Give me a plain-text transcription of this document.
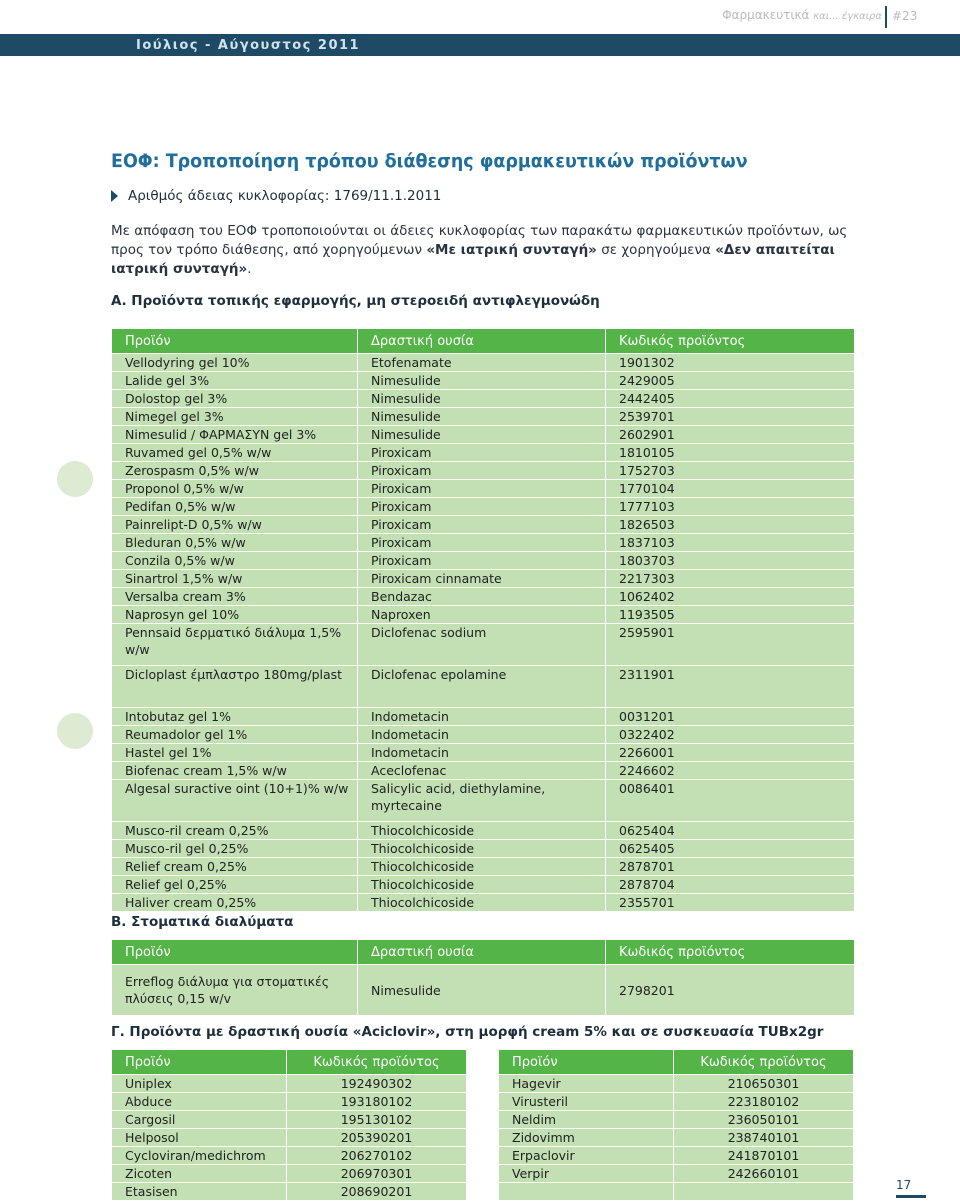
Φαρμακευτικά και... έγκαιρα #23
Ιούλιος - Αύγουστος 2011
ΕΟΦ: Τροποποίηση τρόπου διάθεσης φαρμακευτικών προϊόντων
Αριθμός άδειας κυκλοφορίας: 1769/11.1.2011
Με απόφαση του ΕΟΦ τροποποιούνται οι άδειες κυκλοφορίας των παρακάτω φαρμακευτικών προϊόντων, ως προς τον τρόπο διάθεσης, από χορηγούμενων «Με ιατρική συνταγή» σε χορηγούμενα «Δεν απαιτείται ιατρική συνταγή».
Α. Προϊόντα τοπικής εφαρμογής, μη στεροειδή αντιφλεγμονώδη
Προϊόν	Δραστική ουσία	Κωδικός προϊόντος
Vellodyring gel 10%	Etofenamate	1901302
Lalide gel 3%	Nimesulide	2429005
Dolostop gel 3%	Nimesulide	2442405
Nimegel gel 3%	Nimesulide	2539701
Nimesulid / ΦΑΡΜΑΣΥΝ gel 3%	Nimesulide	2602901
Ruvamed gel 0,5% w/w	Piroxicam	1810105
Zerospasm 0,5% w/w	Piroxicam	1752703
Proponol 0,5% w/w	Piroxicam	1770104
Pedifan 0,5% w/w	Piroxicam	1777103
Painrelipt-D 0,5% w/w	Piroxicam	1826503
Bleduran 0,5% w/w	Piroxicam	1837103
Conzila 0,5% w/w	Piroxicam	1803703
Sinartrol 1,5% w/w	Piroxicam cinnamate	2217303
Versalba cream 3%	Bendazac	1062402
Naprosyn gel 10%	Naproxen	1193505
Pennsaid δερματικό διάλυμα 1,5% w/w	Diclofenac sodium	2595901
Dicloplast έμπλαστρο 180mg/plast	Diclofenac epolamine	2311901
Intobutaz gel 1%	Indometacin	0031201
Reumadolor gel 1%	Indometacin	0322402
Hastel gel 1%	Indometacin	2266001
Biofenac cream 1,5% w/w	Aceclofenac	2246602
Algesal suractive oint (10+1)% w/w	Salicylic acid, diethylamine, myrtecaine	0086401
Musco-ril cream 0,25%	Thiocolchicoside	0625404
Musco-ril gel 0,25%	Thiocolchicoside	0625405
Relief cream 0,25%	Thiocolchicoside	2878701
Relief gel 0,25%	Thiocolchicoside	2878704
Haliver cream 0,25%	Thiocolchicoside	2355701
Β. Στοματικά διαλύματα
Προϊόν	Δραστική ουσία	Κωδικός προϊόντος
Erreflog διάλυμα για στοματικές πλύσεις 0,15 w/v	Nimesulide	2798201
Γ. Προϊόντα με δραστική ουσία «Aciclovir», στη μορφή cream 5% και σε συσκευασία TUBx2gr
Προϊόν	Κωδικός προϊόντος
Uniplex	192490302
Abduce	193180102
Cargosil	195130102
Helposol	205390201
Cycloviran/medichrom	206270102
Zicoten	206970301
Etasisen	208690201
Προϊόν	Κωδικός προϊόντος
Hagevir	210650301
Virusteril	223180102
Neldim	236050101
Zidovimm	238740101
Erpaclovir	241870101
Verpir	242660101

17
